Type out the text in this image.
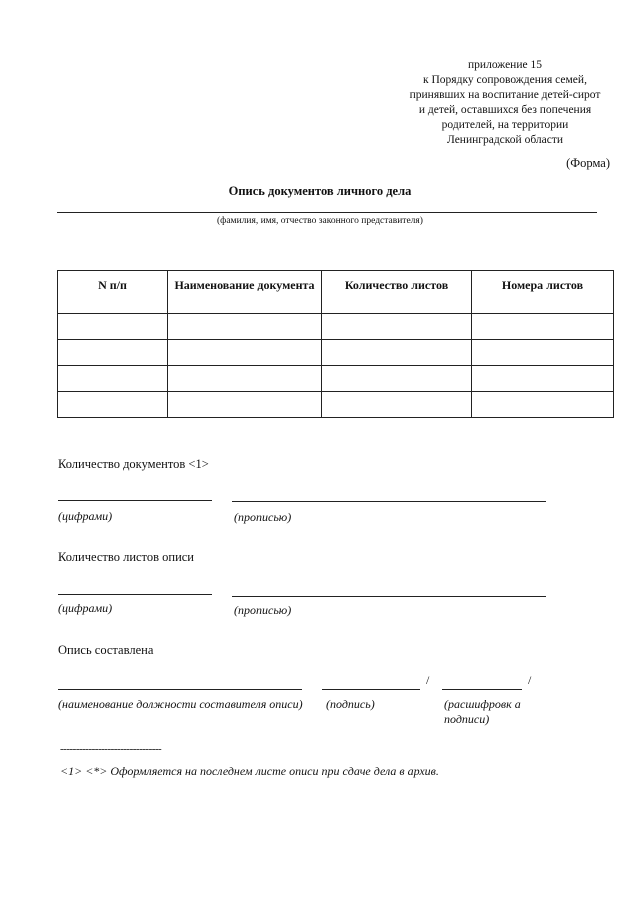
приложение 15
к Порядку сопровождения семей,
принявших на воспитание детей-сирот
и детей, оставшихся без попечения
родителей, на территории
Ленинградской области
(Форма)
Опись документов личного дела
(фамилия, имя, отчество законного представителя)
N п/п	Наименование документа	Количество листов	Номера листов

Количество документов <1>
(цифрами)	(прописью)
Количество листов описи
(цифрами)	(прописью)
Опись составлена
/	/
(наименование должности составителя описи)	(подпись)	(расшифровк а подписи)
--------------------------------
<1> <*> Оформляется на последнем листе описи при сдаче дела в архив.
